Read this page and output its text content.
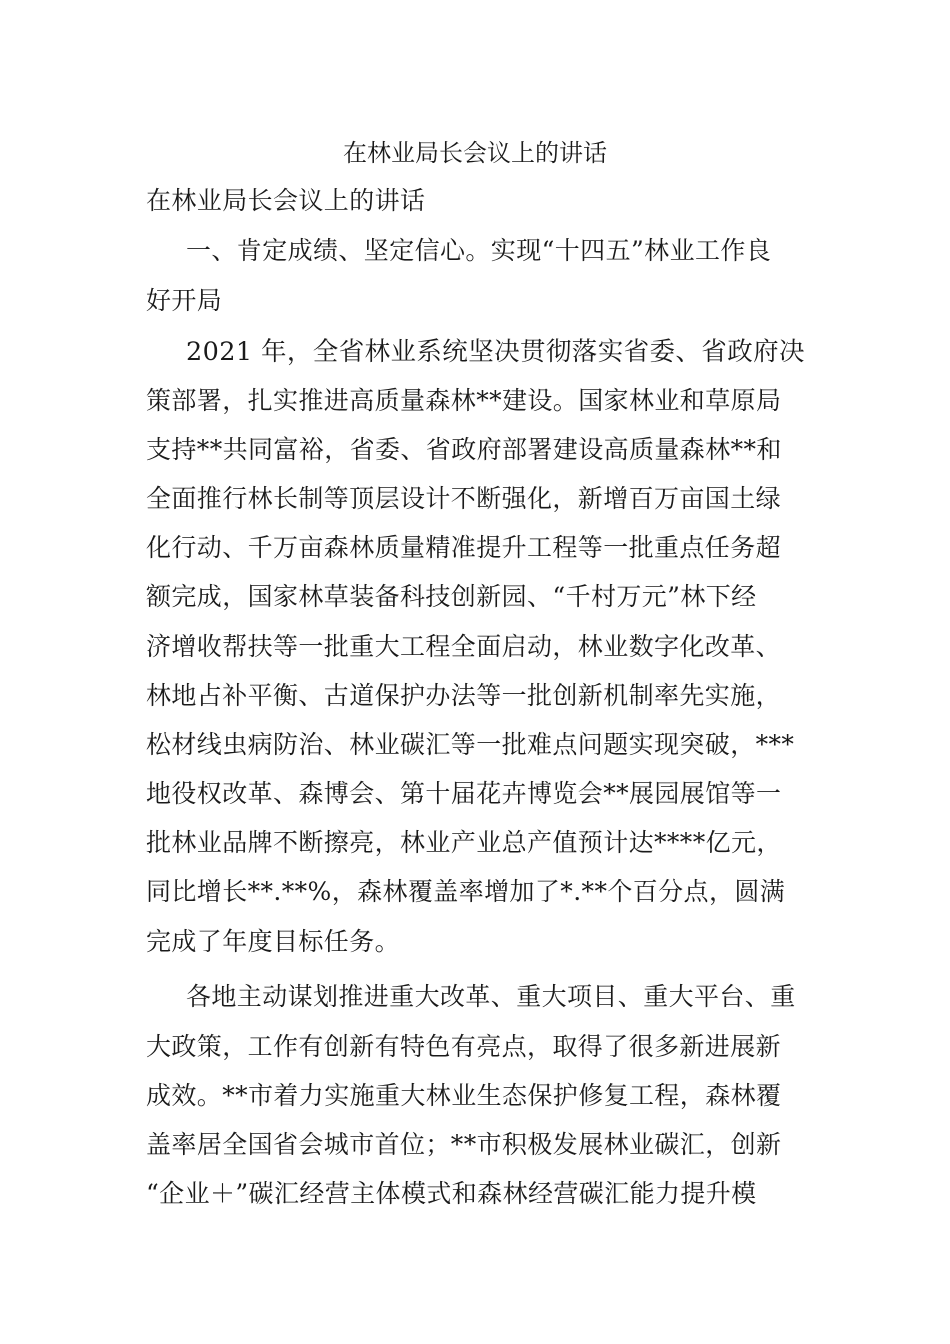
在林业局长会议上的讲话
在林业局长会议上的讲话
一、肯定成绩、坚定信心。实现“十四五”林业工作良
好开局
2021 年，全省林业系统坚决贯彻落实省委、省政府决
策部署，扎实推进高质量森林**建设。国家林业和草原局
支持**共同富裕，省委、省政府部署建设高质量森林**和
全面推行林长制等顶层设计不断强化，新增百万亩国土绿
化行动、千万亩森林质量精准提升工程等一批重点任务超
额完成，国家林草装备科技创新园、“千村万元”林下经
济增收帮扶等一批重大工程全面启动，林业数字化改革、
林地占补平衡、古道保护办法等一批创新机制率先实施，
松材线虫病防治、林业碳汇等一批难点问题实现突破，***
地役权改革、森博会、第十届花卉博览会**展园展馆等一
批林业品牌不断擦亮，林业产业总产值预计达****亿元，
同比增长**.**%，森林覆盖率增加了*.**个百分点，圆满
完成了年度目标任务。
各地主动谋划推进重大改革、重大项目、重大平台、重
大政策，工作有创新有特色有亮点，取得了很多新进展新
成效。**市着力实施重大林业生态保护修复工程，森林覆
盖率居全国省会城市首位；**市积极发展林业碳汇，创新
“企业＋”碳汇经营主体模式和森林经营碳汇能力提升模
